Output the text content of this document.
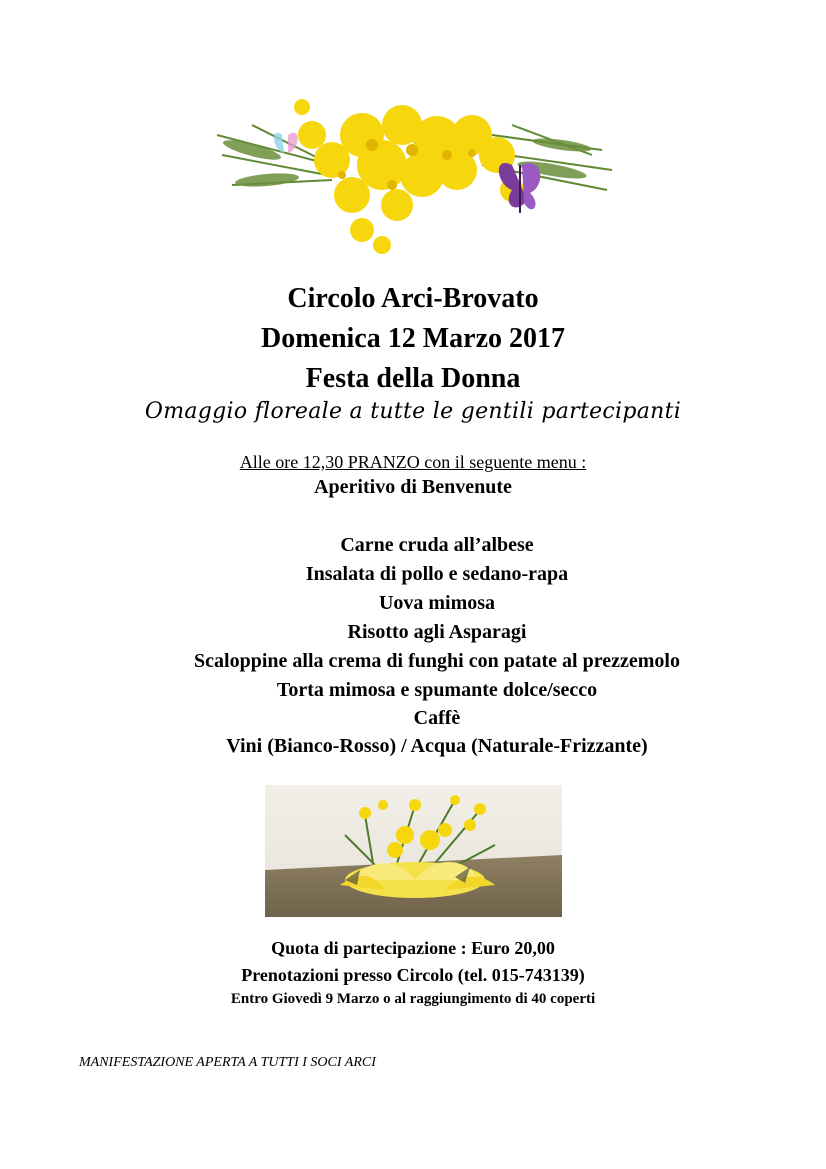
Circolo Arci-Brovato
Domenica 12 Marzo 2017
Festa della Donna
Omaggio floreale a tutte le gentili partecipanti
Alle ore 12,30 PRANZO con il seguente menu :
Aperitivo di Benvenute
Carne cruda all’albese
Insalata di pollo e sedano-rapa
Uova mimosa
Risotto agli Asparagi
Scaloppine alla crema di funghi con patate al prezzemolo
Torta mimosa e spumante dolce/secco
Caffè
Vini (Bianco-Rosso) / Acqua (Naturale-Frizzante)
Quota di partecipazione : Euro 20,00
Prenotazioni presso Circolo (tel. 015-743139)
Entro Giovedì 9 Marzo o al raggiungimento di 40 coperti
MANIFESTAZIONE APERTA A TUTTI I SOCI ARCI
